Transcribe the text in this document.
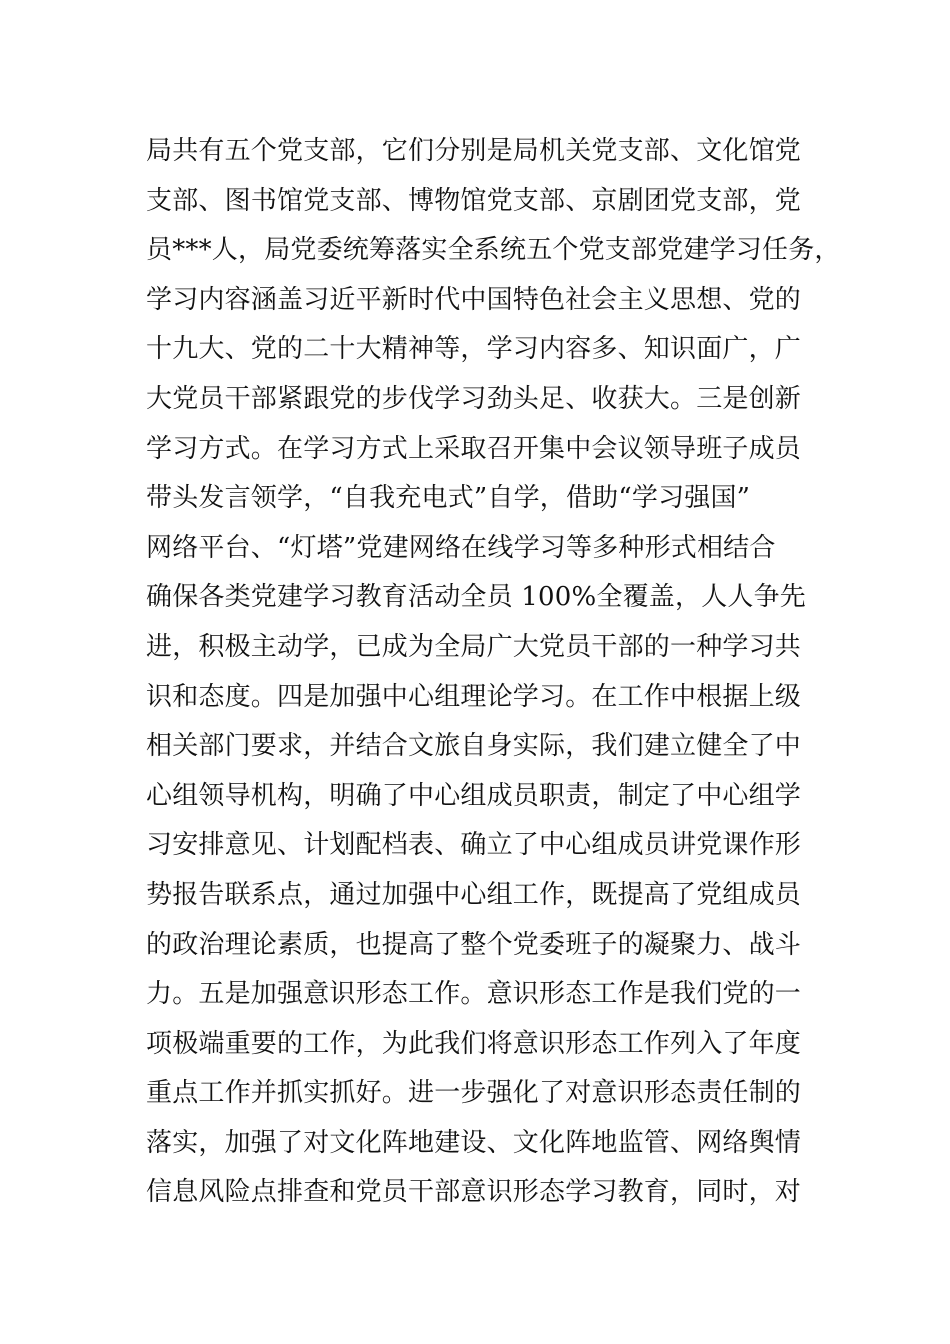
局共有五个党支部，它们分别是局机关党支部、文化馆党
支部、图书馆党支部、博物馆党支部、京剧团党支部，党
员***人，局党委统筹落实全系统五个党支部党建学习任务，
学习内容涵盖习近平新时代中国特色社会主义思想、党的
十九大、党的二十大精神等，学习内容多、知识面广，广
大党员干部紧跟党的步伐学习劲头足、收获大。三是创新
学习方式。在学习方式上采取召开集中会议领导班子成员
带头发言领学，“自我充电式”自学，借助“学习强国”
网络平台、“灯塔”党建网络在线学习等多种形式相结合
确保各类党建学习教育活动全员 100%全覆盖，人人争先
进，积极主动学，已成为全局广大党员干部的一种学习共
识和态度。四是加强中心组理论学习。在工作中根据上级
相关部门要求，并结合文旅自身实际，我们建立健全了中
心组领导机构，明确了中心组成员职责，制定了中心组学
习安排意见、计划配档表、确立了中心组成员讲党课作形
势报告联系点，通过加强中心组工作，既提高了党组成员
的政治理论素质，也提高了整个党委班子的凝聚力、战斗
力。五是加强意识形态工作。意识形态工作是我们党的一
项极端重要的工作，为此我们将意识形态工作列入了年度
重点工作并抓实抓好。进一步强化了对意识形态责任制的
落实，加强了对文化阵地建设、文化阵地监管、网络舆情
信息风险点排查和党员干部意识形态学习教育，同时，对
